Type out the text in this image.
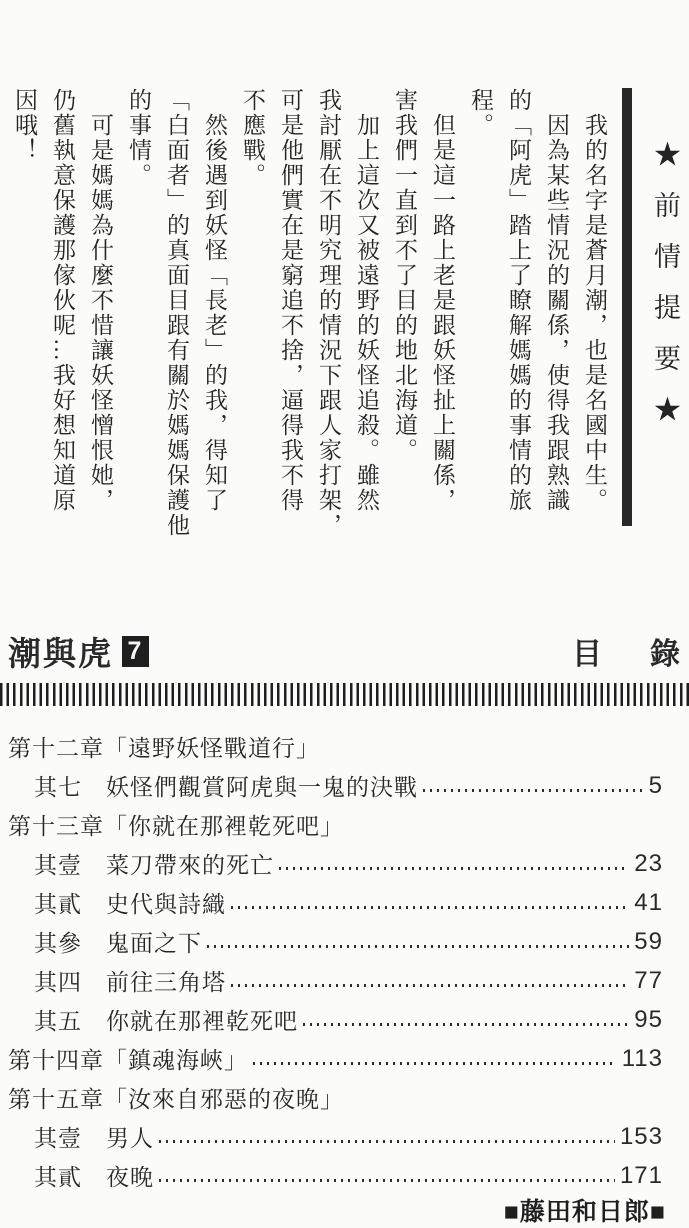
★前情提要★
　我的名字是蒼月潮，也是名國中生。
　因為某些情況的關係，使得我跟熟識
的「阿虎」踏上了瞭解媽媽的事情的旅
程。
　但是這一路上老是跟妖怪扯上關係，
害我們一直到不了目的地北海道。
　加上這次又被遠野的妖怪追殺。雖然
我討厭在不明究理的情況下跟人家打架，
可是他們實在是窮追不捨，逼得我不得
不應戰。
　然後遇到妖怪「長老」的我，得知了
「白面者」的真面目跟有關於媽媽保護他
的事情。
　可是媽媽為什麼不惜讓妖怪憎恨她，
仍舊執意保護那傢伙呢…我好想知道原
因哦！
潮與虎 7	目 錄
第十二章「遠野妖怪戰道行」
其七	妖怪們觀賞阿虎與一鬼的決戰	5
第十三章「你就在那裡乾死吧」
其壹	菜刀帶來的死亡	23
其貳	史代與詩織	41
其參	鬼面之下	59
其四	前往三角塔	77
其五	你就在那裡乾死吧	95
第十四章「鎮魂海峽」	113
第十五章「汝來自邪惡的夜晚」
其壹	男人	153
其貳	夜晚	171
■藤田和日郎■
